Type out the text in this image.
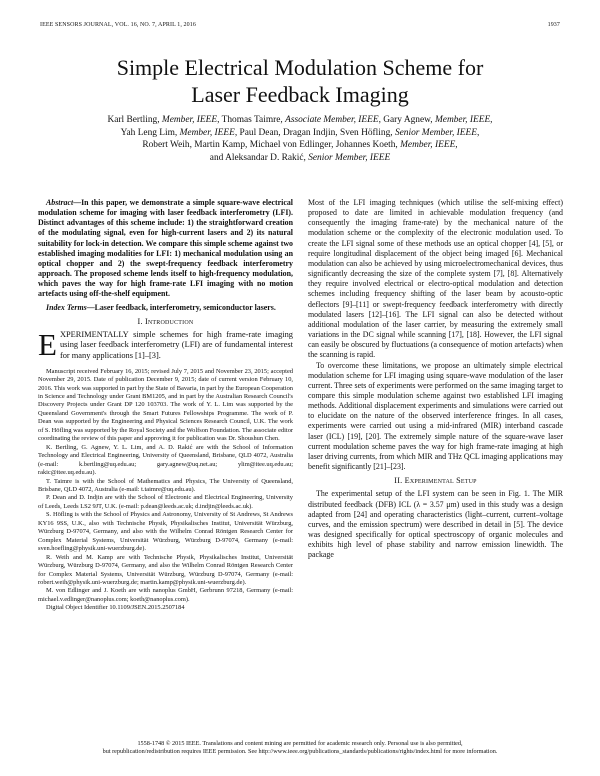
IEEE SENSORS JOURNAL, VOL. 16, NO. 7, APRIL 1, 2016	1937
Simple Electrical Modulation Scheme for
Laser Feedback Imaging
Karl Bertling, Member, IEEE, Thomas Taimre, Associate Member, IEEE, Gary Agnew, Member, IEEE,
Yah Leng Lim, Member, IEEE, Paul Dean, Dragan Indjin, Sven Höfling, Senior Member, IEEE,
Robert Weih, Martin Kamp, Michael von Edlinger, Johannes Koeth, Member, IEEE,
and Aleksandar D. Rakić, Senior Member, IEEE

Abstract—In this paper, we demonstrate a simple square-wave electrical modulation scheme for imaging with laser feedback interferometry (LFI). Distinct advantages of this scheme include: 1) the straightforward creation of the modulating signal, even for high-current lasers and 2) its natural suitability for lock-in detection. We compare this simple scheme against two established imaging modalities for LFI: 1) mechanical modulation using an optical chopper and 2) the swept-frequency feedback interferometry approach. The proposed scheme lends itself to high-frequency modulation, which paves the way for high frame-rate LFI imaging with no motion artefacts using off-the-shelf equipment.

Index Terms—Laser feedback, interferometry, semiconductor lasers.

I. Introduction

EXPERIMENTALLY simple schemes for high frame-rate imaging using laser feedback interferometry (LFI) are of fundamental interest for many applications [1]–[3].

Manuscript received February 16, 2015; revised July 7, 2015 and November 23, 2015; accepted November 29, 2015. Date of publication December 9, 2015; date of current version February 10, 2016. This work was supported in part by the State of Bavaria, in part by the European Cooperation in Science and Technology under Grant BM1205, and in part by the Australian Research Council's Discovery Projects under Grant DP 120 103703. The work of Y. L. Lim was supported by the Queensland Government's through the Smart Futures Fellowships Programme. The work of P. Dean was supported by the Engineering and Physical Sciences Research Council, U.K. The work of S. Höfling was supported by the Royal Society and the Wolfson Foundation. The associate editor coordinating the review of this paper and approving it for publication was Dr. Shoushun Chen.

K. Bertling, G. Agnew, Y. L. Lim, and A. D. Rakić are with the School of Information Technology and Electrical Engineering, University of Queensland, Brisbane, QLD 4072, Australia (e-mail: k.bertling@uq.edu.au; gary.agnew@uq.net.au; ylim@itee.uq.edu.au; rakic@itee.uq.edu.au).

T. Taimre is with the School of Mathematics and Physics, The University of Queensland, Brisbane, QLD 4072, Australia (e-mail: t.taimre@uq.edu.au).

P. Dean and D. Indjin are with the School of Electronic and Electrical Engineering, University of Leeds, Leeds LS2 9JT, U.K. (e-mail: p.dean@leeds.ac.uk; d.indjin@leeds.ac.uk).

S. Höfling is with the School of Physics and Astronomy, University of St Andrews, St Andrews KY16 9SS, U.K., also with Technische Physik, Physikalisches Institut, Universität Würzburg, Würzburg D-97074, Germany, and also with the Wilhelm Conrad Röntgen Research Center for Complex Material Systems, Universität Würzburg, Würzburg D-97074, Germany (e-mail: sven.hoefling@physik.uni-wuerzburg.de).

R. Weih and M. Kamp are with Technische Physik, Physikalisches Institut, Universität Würzburg, Würzburg D-97074, Germany, and also the Wilhelm Conrad Röntgen Research Center for Complex Material Systems, Universität Würzburg, Würzburg D-97074, Germany (e-mail: robert.weih@physik.uni-wuerzburg.de; martin.kamp@physik.uni-wuerzburg.de).

M. von Edlinger and J. Koeth are with nanoplus GmbH, Gerbrunn 97218, Germany (e-mail: michael.v.edlinger@nanoplus.com; koeth@nanoplus.com).

Digital Object Identifier 10.1109/JSEN.2015.2507184

Most of the LFI imaging techniques (which utilise the self-mixing effect) proposed to date are limited in achievable modulation frequency (and consequently the imaging frame-rate) by the mechanical nature of the modulation scheme or the complexity of the electronic modulation used. To create the LFI signal some of these methods use an optical chopper [4], [5], or require longitudinal displacement of the object being imaged [6]. Mechanical modulation can also be achieved by using microelectromechanical devices, thus significantly decreasing the size of the complete system [7], [8]. Alternatively they require involved electrical or electro-optical modulation and detection schemes including frequency shifting of the laser beam by acousto-optic deflectors [9]–[11] or swept-frequency feedback interferometry with directly modulated lasers [12]–[16]. The LFI signal can also be detected without additional modulation of the laser carrier, by measuring the extremely small variations in the DC signal while scanning [17], [18]. However, the LFI signal can easily be obscured by fluctuations (a consequence of motion artefacts) when the scanning is rapid.

To overcome these limitations, we propose an ultimately simple electrical modulation scheme for LFI imaging using square-wave modulation of the laser current. Three sets of experiments were performed on the same imaging target to compare this simple modulation scheme against two established LFI imaging methods. Additional displacement experiments and simulations were carried out to elucidate on the nature of the observed interference fringes. In all cases, experiments were carried out using a mid-infrared (MIR) interband cascade laser (ICL) [19], [20]. The extremely simple nature of the square-wave laser current modulation scheme paves the way for high frame-rate imaging at high laser driving currents, from which MIR and THz QCL imaging applications may benefit significantly [21]–[23].

II. Experimental Setup

The experimental setup of the LFI system can be seen in Fig. 1. The MIR distributed feedback (DFB) ICL (λ = 3.57 μm) used in this study was a design adapted from [24] and operating characteristics (light–current, current–voltage curves, and the emission spectrum) were described in detail in [5]. The device was designed specifically for optical spectroscopy of organic molecules and exhibits high level of phase stability and narrow emission linewidth. The package

1558-1748 © 2015 IEEE. Translations and content mining are permitted for academic research only. Personal use is also permitted,
but republication/redistribution requires IEEE permission. See http://www.ieee.org/publications_standards/publications/rights/index.html for more information.
